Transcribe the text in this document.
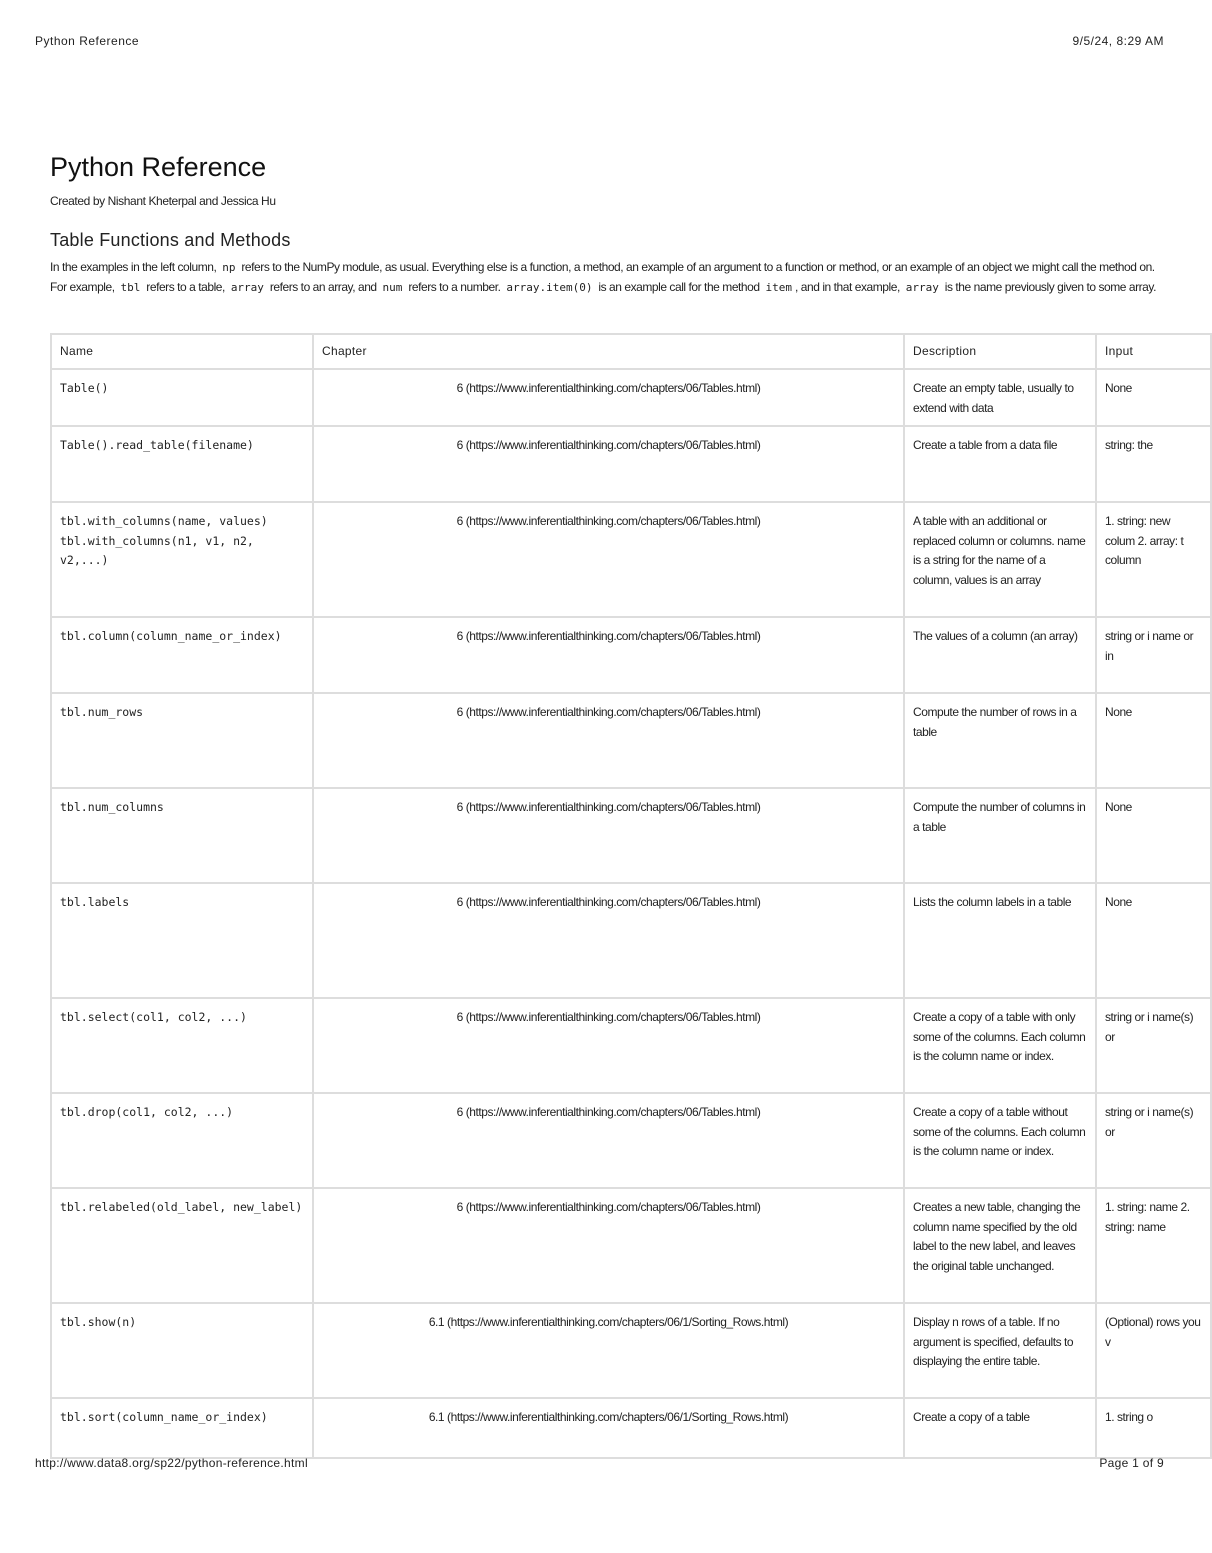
Python Reference	9/5/24, 8:29 AM
Python Reference
Created by Nishant Kheterpal and Jessica Hu
Table Functions and Methods
In the examples in the left column, np refers to the NumPy module, as usual. Everything else is a function, a method, an example of an argument to a function or method, or an example of an object we might call the method on. For example, tbl refers to a table, array refers to an array, and num refers to a number. array.item(0) is an example call for the method item , and in that example, array is the name previously given to some array.
Name	Chapter	Description	Input
Table()	6 (https://www.inferentialthinking.com/chapters/06/Tables.html)	Create an empty table, usually to extend with data	None
Table().read_table(filename)	6 (https://www.inferentialthinking.com/chapters/06/Tables.html)	Create a table from a data file	string: the
tbl.with_columns(name, values)
tbl.with_columns(n1, v1, n2, v2,...)	6 (https://www.inferentialthinking.com/chapters/06/Tables.html)	A table with an additional or replaced column or columns. name is a string for the name of a column, values is an array	1. string: new colum 2. array: t column
tbl.column(column_name_or_index)	6 (https://www.inferentialthinking.com/chapters/06/Tables.html)	The values of a column (an array)	string or i name or in
tbl.num_rows	6 (https://www.inferentialthinking.com/chapters/06/Tables.html)	Compute the number of rows in a table	None
tbl.num_columns	6 (https://www.inferentialthinking.com/chapters/06/Tables.html)	Compute the number of columns in a table	None
tbl.labels	6 (https://www.inferentialthinking.com/chapters/06/Tables.html)	Lists the column labels in a table	None
tbl.select(col1, col2, ...)	6 (https://www.inferentialthinking.com/chapters/06/Tables.html)	Create a copy of a table with only some of the columns. Each column is the column name or index.	string or i name(s) or
tbl.drop(col1, col2, ...)	6 (https://www.inferentialthinking.com/chapters/06/Tables.html)	Create a copy of a table without some of the columns. Each column is the column name or index.	string or i name(s) or
tbl.relabeled(old_label, new_label)	6 (https://www.inferentialthinking.com/chapters/06/Tables.html)	Creates a new table, changing the column name specified by the old label to the new label, and leaves the original table unchanged.	1. string: name 2. string: name
tbl.show(n)	6.1 (https://www.inferentialthinking.com/chapters/06/1/Sorting_Rows.html)	Display n rows of a table. If no argument is specified, defaults to displaying the entire table.	(Optional) rows you v
tbl.sort(column_name_or_index)	6.1 (https://www.inferentialthinking.com/chapters/06/1/Sorting_Rows.html)	Create a copy of a table	1. string o
http://www.data8.org/sp22/python-reference.html	Page 1 of 9
